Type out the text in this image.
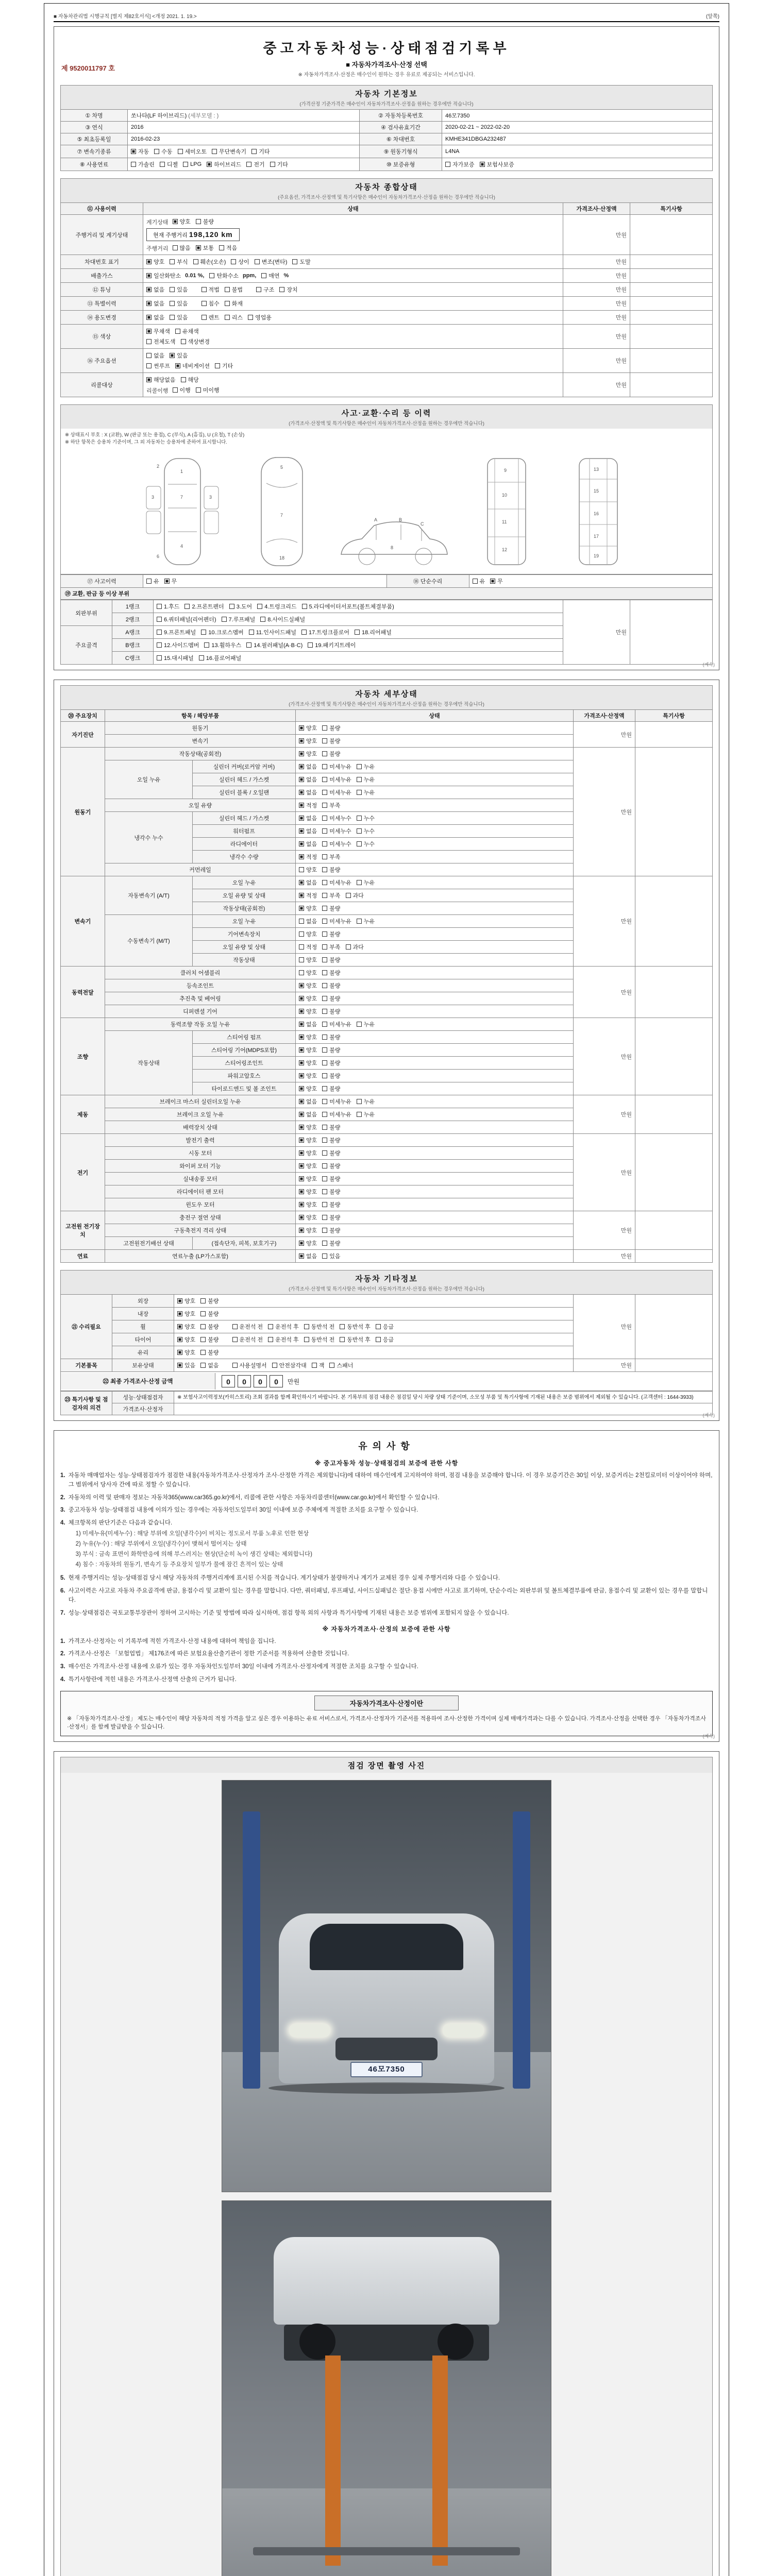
■ 자동차관리법 시행규칙 [별지 제82호서식] <개정 2021. 1. 19.>	(앞쪽)
제 9520011797 호
중고자동차성능·상태점검기록부
■ 자동차가격조사·산정 선택
※ 자동차가격조사·산정은 매수인이 원하는 경우 유료로 제공되는 서비스입니다.
자동차 기본정보
(가격산정 기준가격은 매수인이 자동차가격조사·산정을 원하는 경우에만 적습니다)
① 차명	쏘나타(LF 하이브리드) (세부모델 : )	② 자동차등록번호	46모7350
③ 연식	2016	④ 검사유효기간	2020-02-21 ~ 2022-02-20
⑤ 최초등록일	2016-02-23	⑥ 차대번호	KMHE341DBGA232487
⑦ 변속기종류	자동 수동 세미오토 무단변속기 기타	⑨ 원동기형식	L4NA
⑧ 사용연료	가솔린 디젤 LPG 하이브리드 전기 기타	⑩ 보증유형	자가보증 보험사보증
자동차 종합상태
(주요옵션, 가격조사·산정액 및 특기사항은 매수인이 자동차가격조사·산정을 원하는 경우에만 적습니다)
⑪ 사용이력	상태	가격조사·산정액	특기사항
주행거리 및 계기상태	
계기상태 양호 불량
현재 주행거리 198,120 km
주행거리 많음 보통 적음
	만원	
차대번호 표기	양호 부식 훼손(오손) 상이 변조(변타) 도말	만원	
배출가스	일산화탄소 0.01 %, 탄화수소 ppm, 매연 %	만원	
⑫ 튜닝	없음 있음	적법 불법	구조 장치	만원	
⑬ 특별이력	없음 있음 침수 화재	만원	
⑭ 용도변경	없음 있음 렌트 리스 영업용	만원	
⑮ 색상	무채색 유채색
전체도색 색상변경	만원	
⑯ 주요옵션	없음 있음
썬루프 네비게이션 기타	만원	
리콜대상	해당없음 해당
리콜이행 이행 미이행	만원	
사고·교환·수리 등 이력
(가격조사·산정액 및 특기사항은 매수인이 자동차가격조사·산정을 원하는 경우에만 적습니다)
※ 상태표시 부호 : X (교환), W (판금 또는 용접), C (부식), A (흠집), U (요철), T (손상)
※ 하단 항목은 승용차 기준이며, 그 외 자동차는 승용차에 준하여 표시합니다.
1
7
4
3	3
2
6
5
18
7
A	B
C
8
9
10
11
12
13
15
16
17
19
⑰ 사고이력	유 무	⑱ 단순수리	유 무
⑲ 교환, 판금 등 이상 부위
외판부위	1랭크	1.후드 2.프론트펜더 3.도어 4.트렁크리드 5.라디에이터서포트(볼트체결부품)	만원	
	2랭크	6.쿼터패널(리어펜더) 7.루프패널 8.사이드실패널		

주요골격	A랭크	9.프론트패널 10.크로스멤버 11.인사이드패널 17.트렁크플로어 18.리어패널		

	B랭크	12.사이드멤버 13.휠하우스 14.필러패널(A·B·C) 19.패키지트레이		

	C랭크	15.대시패널 16.플로어패널		
(계속)
자동차 세부상태
(가격조사·산정액 및 특기사항은 매수인이 자동차가격조사·산정을 원하는 경우에만 적습니다)
⑳ 주요장치	항목 / 해당부품		상태	가격조사·산정액	특기사항
자기진단	원동기		양호 불량	만원	
	변속기		양호 불량		

원동기	작동상태(공회전)		양호 불량	만원	
	오일 누유	실린더 커버(로커암 커버)	없음 미세누유 누유		

		실린더 헤드 / 가스켓	없음 미세누유 누유		

		실린더 블록 / 오일팬	없음 미세누유 누유		

	오일 유량		적정 부족		

	냉각수 누수	실린더 헤드 / 가스켓	없음 미세누수 누수		

		워터펌프	없음 미세누수 누수		

		라디에이터	없음 미세누수 누수		

		냉각수 수량	적정 부족		

	커먼레일		양호 불량		

변속기	자동변속기 (A/T)	오일 누유	없음 미세누유 누유	만원	
		오일 유량 및 상태	적정 부족 과다		

		작동상태(공회전)	양호 불량		

	수동변속기 (M/T)	오일 누유	없음 미세누유 누유		

		기어변속장치	양호 불량		

		오일 유량 및 상태	적정 부족 과다		

		작동상태	양호 불량		

동력전달	클러치 어셈블리		양호 불량	만원	
	등속조인트		양호 불량		

	추진축 및 베어링		양호 불량		

	디퍼렌셜 기어		양호 불량		

조향	동력조향 작동 오일 누유		없음 미세누유 누유	만원	
	작동상태	스티어링 펌프	양호 불량		

		스티어링 기어(MDPS포함)	양호 불량		

		스티어링조인트	양호 불량		

		파워고압호스	양호 불량		

		타이로드엔드 및 볼 조인트	양호 불량		

제동	브레이크 마스터 실린더오일 누유		없음 미세누유 누유	만원	
	브레이크 오일 누유		없음 미세누유 누유		

	배력장치 상태		양호 불량		

전기	발전기 출력		양호 불량	만원	
	시동 모터		양호 불량		

	와이퍼 모터 기능		양호 불량		

	실내송풍 모터		양호 불량		

	라디에이터 팬 모터		양호 불량		

	윈도우 모터		양호 불량		

고전원 전기장치	충전구 절연 상태		양호 불량	만원	
	구동축전지 격리 상태		양호 불량		

	고전원전기배선 상태	(접속단자, 피복, 보호기구)	양호 불량		

연료	연료누출 (LP가스포함)		없음 있음	만원	
자동차 기타정보
(가격조사·산정액 및 특기사항은 매수인이 자동차가격조사·산정을 원하는 경우에만 적습니다)
㉑ 수리필요	외장	양호 불량	만원	
	내장	양호 불량		

휠	양호 불량	운전석 전 운전석 후 동반석 전 동반석 후 응급

타이어	양호 불량	운전석 전 운전석 후 동반석 전 동반석 후 응급

	유리	양호 불량		

기본품목	보유상태	있음 없음	사용설명서 안전삼각대 잭 스패너	만원	
㉒ 최종 가격조사·산정 금액	0 0 0 0	만원
㉓ 특기사항 및 점검자의 의견	성능·상태점검자	※ 보험사고이력정보(카히스토리) 조회 결과를 함께 확인하시기 바랍니다. 본 기록부의 점검 내용은 점검일 당시 차량 상태 기준이며, 소모성 부품 및 특기사항에 기재된 내용은 보증 범위에서 제외될 수 있습니다. (고객센터 : 1644-3933)
	가격조사·산정자	
(계속)
유의사항
※ 중고자동차 성능·상태점검의 보증에 관한 사항
1. 자동차 매매업자는 성능·상태점검자가 점검한 내용(자동차가격조사·산정자가 조사·산정한 가격은 제외합니다)에 대하여 매수인에게 고지하여야 하며, 점검 내용을 보증해야 합니다. 이 경우 보증기간은 30일 이상, 보증거리는 2천킬로미터 이상이어야 하며, 그 범위에서 당사자 간에 따로 정할 수 있습니다.
2. 자동차의 이력 및 판매자 정보는 자동차365(www.car365.go.kr)에서, 리콜에 관한 사항은 자동차리콜센터(www.car.go.kr)에서 확인할 수 있습니다.
3. 중고자동차 성능·상태점검 내용에 이의가 있는 경우에는 자동차인도일부터 30일 이내에 보증 주체에게 적절한 조치를 요구할 수 있습니다.
4. 체크항목의 판단기준은 다음과 같습니다.
1) 미세누유(미세누수) : 해당 부위에 오일(냉각수)이 비치는 정도로서 부품 노후로 인한 현상
2) 누유(누수) : 해당 부위에서 오일(냉각수)이 맺혀서 떨어지는 상태
3) 부식 : 금속 표면이 화학반응에 의해 부스러지는 현상(단순히 녹이 생긴 상태는 제외합니다)
4) 침수 : 자동차의 원동기, 변속기 등 주요장치 일부가 물에 잠긴 흔적이 있는 상태
5. 현재 주행거리는 성능·상태점검 당시 해당 자동차의 주행거리계에 표시된 수치를 적습니다. 계기상태가 불량하거나 계기가 교체된 경우 실제 주행거리와 다를 수 있습니다.
6. 사고이력은 사고로 자동차 주요골격에 판금, 용접수리 및 교환이 있는 경우를 말합니다. 다만, 쿼터패널, 루프패널, 사이드실패널은 절단·용접 시에만 사고로 표기하며, 단순수리는 외판부위 및 볼트체결부품에 판금, 용접수리 및 교환이 있는 경우를 말합니다.
7. 성능·상태점검은 국토교통부장관이 정하여 고시하는 기준 및 방법에 따라 실시하며, 점검 항목 외의 사항과 특기사항에 기재된 내용은 보증 범위에 포함되지 않을 수 있습니다.
※ 자동차가격조사·산정의 보증에 관한 사항
1. 가격조사·산정자는 이 기록부에 적힌 가격조사·산정 내용에 대하여 책임을 집니다.
2. 가격조사·산정은 「보험업법」 제176조에 따른 보험요율산출기관이 정한 기준서를 적용하여 산출한 것입니다.
3. 매수인은 가격조사·산정 내용에 오류가 있는 경우 자동차인도일부터 30일 이내에 가격조사·산정자에게 적절한 조치를 요구할 수 있습니다.
4. 특기사항란에 적힌 내용은 가격조사·산정액 산출의 근거가 됩니다.
자동차가격조사·산정이란
※ 「자동차가격조사·산정」 제도는 매수인이 해당 자동차의 적정 가격을 알고 싶은 경우 이용하는 유료 서비스로서, 가격조사·산정자가 기준서를 적용하여 조사·산정한 가격이며 실제 매매가격과는 다를 수 있습니다. 가격조사·산정을 선택한 경우 「자동차가격조사·산정서」를 함께 발급받을 수 있습니다.
(계속)
점검 장면 촬영 사진
46모7350
